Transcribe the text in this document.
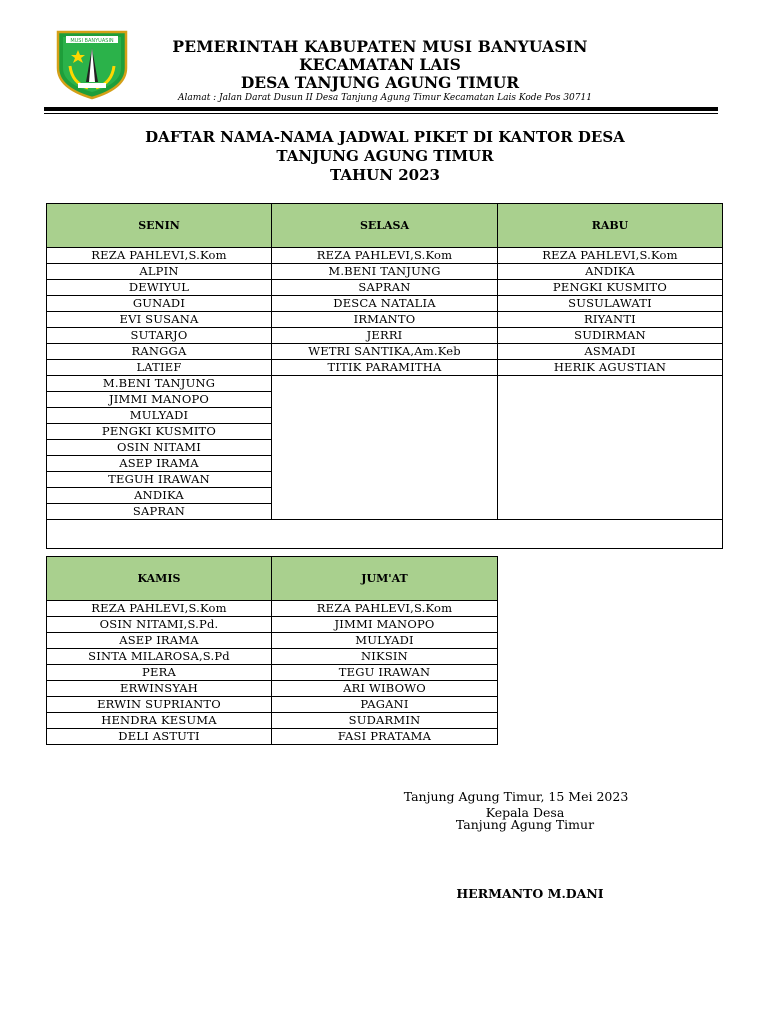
MUSI BANYUASIN	PEMERINTAH KABUPATEN MUSI BANYUASIN
KECAMATAN LAIS
DESA TANJUNG AGUNG TIMUR
Alamat : Jalan Darat Dusun II Desa Tanjung Agung Timur Kecamatan Lais Kode Pos 30711
DAFTAR NAMA-NAMA JADWAL PIKET DI KANTOR DESA
TANJUNG AGUNG TIMUR
TAHUN 2023
SENIN	SELASA	RABU
REZA PAHLEVI,S.Kom	REZA PAHLEVI,S.Kom	REZA PAHLEVI,S.Kom
ALPIN	M.BENI TANJUNG	ANDIKA
DEWIYUL	SAPRAN	PENGKI KUSMITO
GUNADI	DESCA NATALIA	SUSULAWATI
EVI SUSANA	IRMANTO	RIYANTI
SUTARJO	JERRI	SUDIRMAN
RANGGA	WETRI SANTIKA,Am.Keb	ASMADI
LATIEF	TITIK PARAMITHA	HERIK AGUSTIAN
M.BENI TANJUNG		
JIMMI MANOPO		
MULYADI		
PENGKI KUSMITO		
OSIN NITAMI		
ASEP IRAMA		
TEGUH IRAWAN		
ANDIKA		
SAPRAN		

KAMIS	JUM'AT
REZA PAHLEVI,S.Kom	REZA PAHLEVI,S.Kom
OSIN NITAMI,S.Pd.	JIMMI MANOPO
ASEP IRAMA	MULYADI
SINTA MILAROSA,S.Pd	NIKSIN
PERA	TEGU IRAWAN
ERWINSYAH	ARI WIBOWO
ERWIN SUPRIANTO	PAGANI
HENDRA KESUMA	SUDARMIN
DELI ASTUTI	FASI PRATAMA
Tanjung Agung Timur, 15 Mei 2023
Kepala Desa
Tanjung Agung Timur
HERMANTO M.DANI
